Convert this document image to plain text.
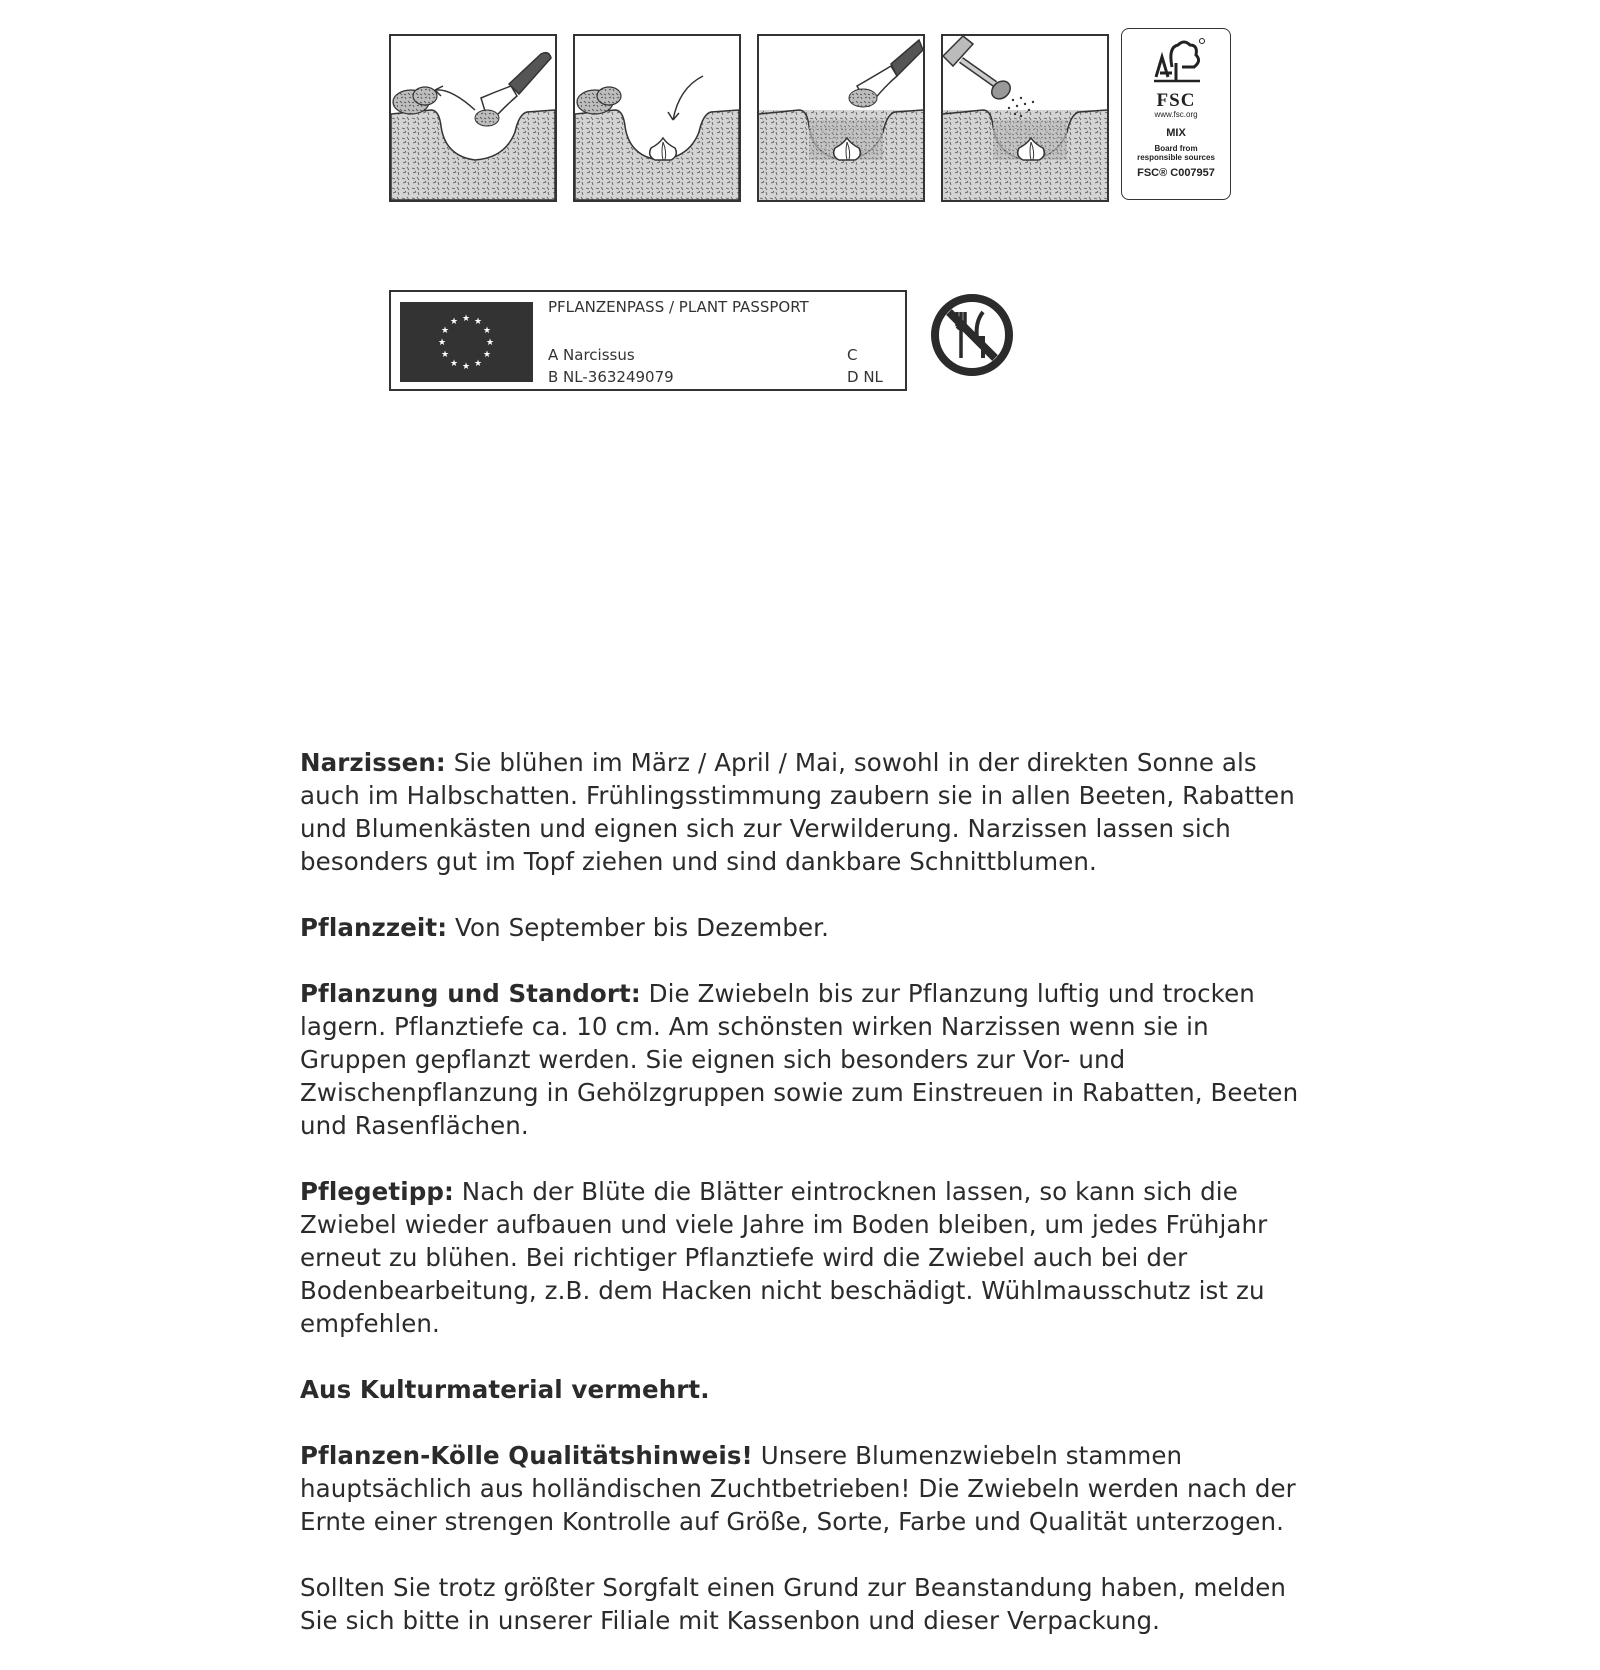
FSC
www.fsc.org
MIX
Board from
responsible sources
FSC® C007957
★ ★
★
★
★
★
★
★
★
★
★
★
PFLANZENPASS / PLANT PASSPORT
A Narcissus
B NL-363249079
C
D NL

Narzissen: Sie blühen im März / April / Mai, sowohl in der direkten Sonne als auch im Halbschatten. Frühlingsstimmung zaubern sie in allen Beeten, Rabatten und Blumenkästen und eignen sich zur Verwilderung. Narzissen lassen sich besonders gut im Topf ziehen und sind dankbare Schnittblumen.

Pflanzzeit: Von September bis Dezember.

Pflanzung und Standort: Die Zwiebeln bis zur Pflanzung luftig und trocken lagern. Pflanztiefe ca. 10 cm. Am schönsten wirken Narzissen wenn sie in Gruppen gepflanzt werden. Sie eignen sich besonders zur Vor- und Zwischenpflanzung in Gehölzgruppen sowie zum Einstreuen in Rabatten, Beeten und Rasenflächen.

Pflegetipp: Nach der Blüte die Blätter eintrocknen lassen, so kann sich die Zwiebel wieder aufbauen und viele Jahre im Boden bleiben, um jedes Frühjahr erneut zu blühen. Bei richtiger Pflanztiefe wird die Zwiebel auch bei der Bodenbearbeitung, z.B. dem Hacken nicht beschädigt. Wühlmausschutz ist zu empfehlen.

Aus Kulturmaterial vermehrt.

Pflanzen-Kölle Qualitätshinweis! Unsere Blumenzwiebeln stammen hauptsächlich aus holländischen Zuchtbetrieben! Die Zwiebeln werden nach der Ernte einer strengen Kontrolle auf Größe, Sorte, Farbe und Qualität unterzogen.

Sollten Sie trotz größter Sorgfalt einen Grund zur Beanstandung haben, melden Sie sich bitte in unserer Filiale mit Kassenbon und dieser Verpackung.
